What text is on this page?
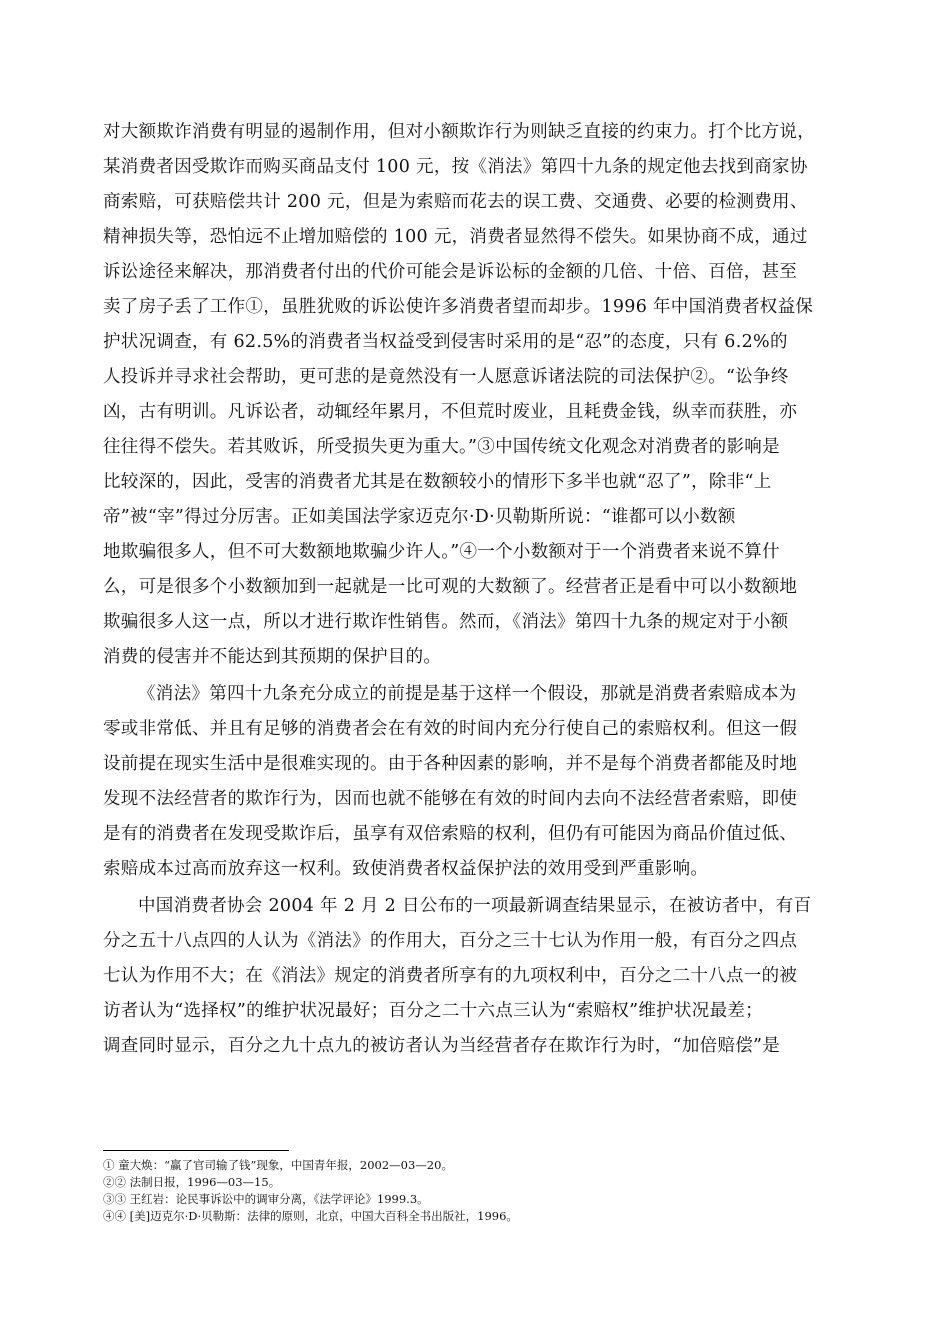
对大额欺诈消费有明显的遏制作用，但对小额欺诈行为则缺乏直接的约束力。打个比方说，
某消费者因受欺诈而购买商品支付 100 元，按《消法》第四十九条的规定他去找到商家协
商索赔，可获赔偿共计 200 元，但是为索赔而花去的误工费、交通费、必要的检测费用、
精神损失等，恐怕远不止增加赔偿的 100 元，消费者显然得不偿失。如果协商不成，通过
诉讼途径来解决，那消费者付出的代价可能会是诉讼标的金额的几倍、十倍、百倍，甚至
卖了房子丢了工作①，虽胜犹败的诉讼使许多消费者望而却步。1996 年中国消费者权益保
护状况调查，有 62.5%的消费者当权益受到侵害时采用的是“忍”的态度，只有 6.2%的
人投诉并寻求社会帮助，更可悲的是竟然没有一人愿意诉诸法院的司法保护②。“讼争终
凶，古有明训。凡诉讼者，动辄经年累月，不但荒时废业，且耗费金钱，纵幸而获胜，亦
往往得不偿失。若其败诉，所受损失更为重大。”③中国传统文化观念对消费者的影响是
比较深的，因此，受害的消费者尤其是在数额较小的情形下多半也就“忍了”，除非“上
帝”被“宰”得过分厉害。正如美国法学家迈克尔·D·贝勒斯所说：“谁都可以小数额
地欺骗很多人，但不可大数额地欺骗少许人。”④一个小数额对于一个消费者来说不算什
么，可是很多个小数额加到一起就是一比可观的大数额了。经营者正是看中可以小数额地
欺骗很多人这一点，所以才进行欺诈性销售。然而，《消法》第四十九条的规定对于小额
消费的侵害并不能达到其预期的保护目的。
《消法》第四十九条充分成立的前提是基于这样一个假设，那就是消费者索赔成本为
零或非常低、并且有足够的消费者会在有效的时间内充分行使自己的索赔权利。但这一假
设前提在现实生活中是很难实现的。由于各种因素的影响，并不是每个消费者都能及时地
发现不法经营者的欺诈行为，因而也就不能够在有效的时间内去向不法经营者索赔，即使
是有的消费者在发现受欺诈后，虽享有双倍索赔的权利，但仍有可能因为商品价值过低、
索赔成本过高而放弃这一权利。致使消费者权益保护法的效用受到严重影响。
中国消费者协会 2004 年 2 月 2 日公布的一项最新调查结果显示，在被访者中，有百
分之五十八点四的人认为《消法》的作用大，百分之三十七认为作用一般，有百分之四点
七认为作用不大；在《消法》规定的消费者所享有的九项权利中，百分之二十八点一的被
访者认为“选择权”的维护状况最好；百分之二十六点三认为“索赔权”维护状况最差；
调查同时显示，百分之九十点九的被访者认为当经营者存在欺诈行为时，“加倍赔偿”是
① 童大焕：“赢了官司输了钱”现象，中国青年报，2002—03—20。
②② 法制日报，1996—03—15。
③③ 王红岩：论民事诉讼中的调审分离，《法学评论》1999.3。
④④ [美]迈克尔·D·贝勒斯：法律的原则，北京，中国大百科全书出版社，1996。
